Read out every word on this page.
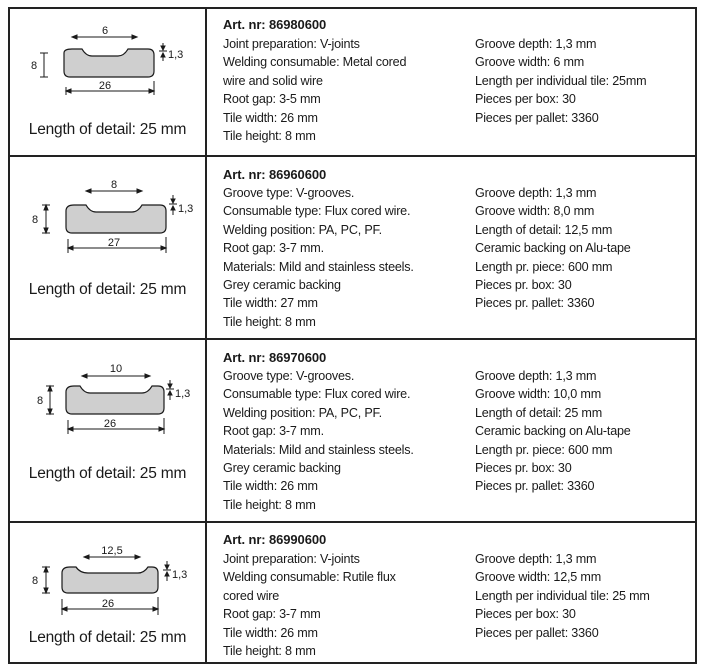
6
26
8
1,3
Length of detail: 25 mm
Art. nr: 86980600
Joint preparation: V-joints
Welding consumable: Metal cored
wire and solid wire
Root gap: 3-5 mm
Tile width: 26 mm
Tile height: 8 mm
Groove depth: 1,3 mm
Groove width: 6 mm
Length per individual tile: 25mm
Pieces per box: 30
Pieces per pallet: 3360
8
27
8
1,3
Length of detail: 25 mm
Art. nr: 86960600
Groove type: V-grooves.
Consumable type: Flux cored wire.
Welding position: PA, PC, PF.
Root gap: 3-7 mm.
Materials: Mild and stainless steels.
Grey ceramic backing
Tile width: 27 mm
Tile height: 8 mm
Groove depth: 1,3 mm
Groove width: 8,0 mm
Length of detail: 12,5 mm
Ceramic backing on Alu-tape
Length pr. piece: 600 mm
Pieces pr. box: 30
Pieces pr. pallet: 3360
10
26
8
1,3
Length of detail: 25 mm
Art. nr: 86970600
Groove type: V-grooves.
Consumable type: Flux cored wire.
Welding position: PA, PC, PF.
Root gap: 3-7 mm.
Materials: Mild and stainless steels.
Grey ceramic backing
Tile width: 26 mm
Tile height: 8 mm
Groove depth: 1,3 mm
Groove width: 10,0 mm
Length of detail: 25 mm
Ceramic backing on Alu-tape
Length pr. piece: 600 mm
Pieces pr. box: 30
Pieces pr. pallet: 3360
12,5
26
8	1,3
Length of detail: 25 mm
Art. nr: 86990600
Joint preparation: V-joints
Welding consumable: Rutile flux
cored wire
Root gap: 3-7 mm
Tile width: 26 mm
Tile height: 8 mm
Groove depth: 1,3 mm
Groove width: 12,5 mm
Length per individual tile: 25 mm
Pieces per box: 30
Pieces per pallet: 3360
